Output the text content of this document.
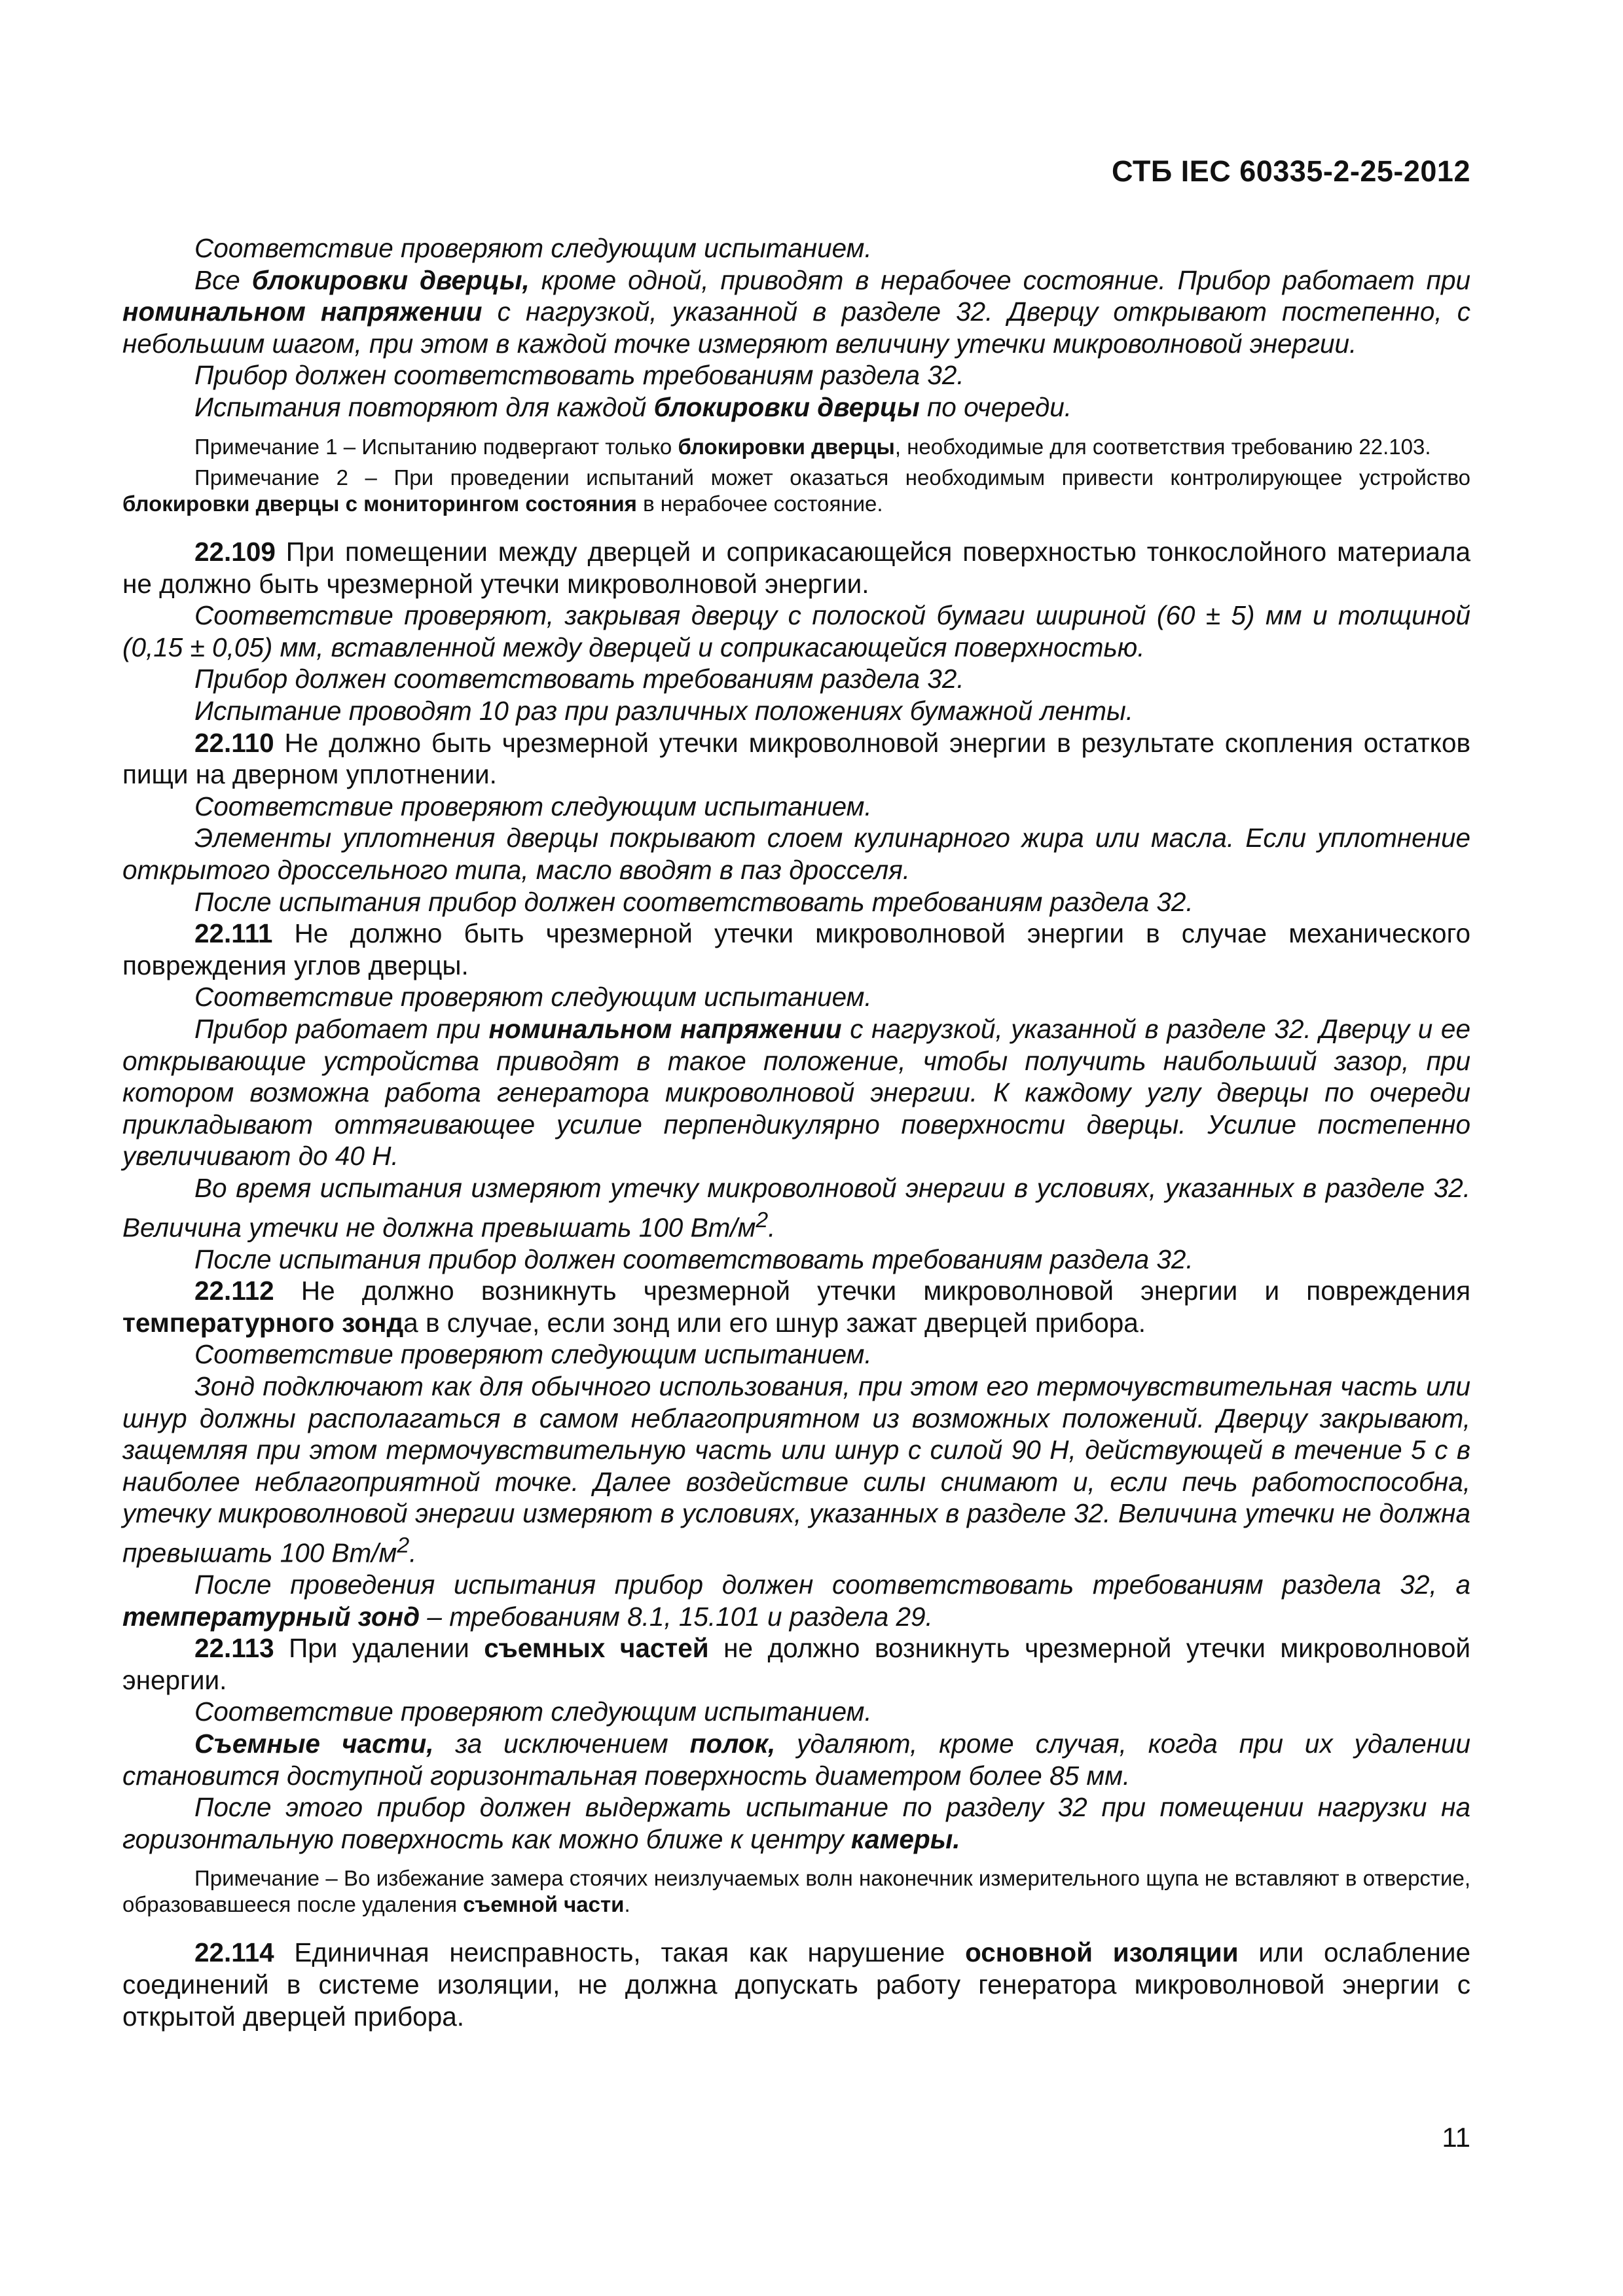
СТБ IEC 60335-2-25-2012

Соответствие проверяют следующим испытанием.

Все блокировки дверцы, кроме одной, приводят в нерабочее состояние. Прибор работает при номинальном напряжении с нагрузкой, указанной в разделе 32. Дверцу открывают постепенно, с небольшим шагом, при этом в каждой точке измеряют величину утечки микроволновой энергии.

Прибор должен соответствовать требованиям раздела 32.

Испытания повторяют для каждой блокировки дверцы по очереди.

Примечание 1 – Испытанию подвергают только блокировки дверцы, необходимые для соответствия требованию 22.103.

Примечание 2 – При проведении испытаний может оказаться необходимым привести контролирующее устройство блокировки дверцы с мониторингом состояния в нерабочее состояние.

22.109 При помещении между дверцей и соприкасающейся поверхностью тонкослойного материала не должно быть чрезмерной утечки микроволновой энергии.

Соответствие проверяют, закрывая дверцу с полоской бумаги шириной (60 ± 5) мм и толщиной (0,15 ± 0,05) мм, вставленной между дверцей и соприкасающейся поверхностью.

Прибор должен соответствовать требованиям раздела 32.

Испытание проводят 10 раз при различных положениях бумажной ленты.

22.110 Не должно быть чрезмерной утечки микроволновой энергии в результате скопления остатков пищи на дверном уплотнении.

Соответствие проверяют следующим испытанием.

Элементы уплотнения дверцы покрывают слоем кулинарного жира или масла. Если уплотнение открытого дроссельного типа, масло вводят в паз дросселя.

После испытания прибор должен соответствовать требованиям раздела 32.

22.111 Не должно быть чрезмерной утечки микроволновой энергии в случае механического повреждения углов дверцы.

Соответствие проверяют следующим испытанием.

Прибор работает при номинальном напряжении с нагрузкой, указанной в разделе 32. Дверцу и ее открывающие устройства приводят в такое положение, чтобы получить наибольший зазор, при котором возможна работа генератора микроволновой энергии. К каждому углу дверцы по очереди прикладывают оттягивающее усилие перпендикулярно поверхности дверцы. Усилие постепенно увеличивают до 40 Н.

Во время испытания измеряют утечку микроволновой энергии в условиях, указанных в разделе 32. Величина утечки не должна превышать 100 $Вт/м^2$.

После испытания прибор должен соответствовать требованиям раздела 32.

22.112 Не должно возникнуть чрезмерной утечки микроволновой энергии и повреждения температурного зонда в случае, если зонд или его шнур зажат дверцей прибора.

Соответствие проверяют следующим испытанием.

Зонд подключают как для обычного использования, при этом его термочувствительная часть или шнур должны располагаться в самом неблагоприятном из возможных положений. Дверцу закрывают, защемляя при этом термочувствительную часть или шнур с силой 90 Н, действующей в течение 5 с в наиболее неблагоприятной точке. Далее воздействие силы снимают и, если печь работоспособна, утечку микроволновой энергии измеряют в условиях, указанных в разделе 32. Величина утечки не должна превышать 100 $Вт/м^2$.

После проведения испытания прибор должен соответствовать требованиям раздела 32, а температурный зонд – требованиям 8.1, 15.101 и раздела 29.

22.113 При удалении съемных частей не должно возникнуть чрезмерной утечки микроволновой энергии.

Соответствие проверяют следующим испытанием.

Съемные части, за исключением полок, удаляют, кроме случая, когда при их удалении становится доступной горизонтальная поверхность диаметром более 85 мм.

После этого прибор должен выдержать испытание по разделу 32 при помещении нагрузки на горизонтальную поверхность как можно ближе к центру камеры.

Примечание – Во избежание замера стоячих неизлучаемых волн наконечник измерительного щупа не вставляют в отверстие, образовавшееся после удаления съемной части.

22.114 Единичная неисправность, такая как нарушение основной изоляции или ослабление соединений в системе изоляции, не должна допускать работу генератора микроволновой энергии с открытой дверцей прибора.

11
